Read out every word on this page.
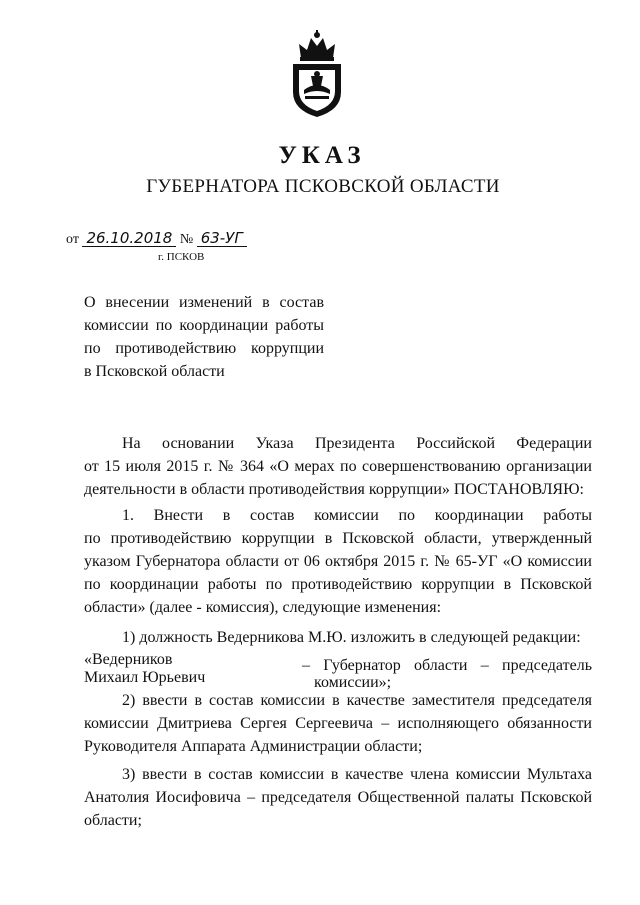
УКАЗ
ГУБЕРНАТОРА ПСКОВСКОЙ ОБЛАСТИ
от 26.10.2018 № 63-УГ
г. ПСКОВ
О внесении изменений в состав
комиссии по координации работы
по противодействию коррупции
в Псковской области
На основании Указа Президента Российской Федерации
от 15 июля 2015 г. № 364 «О мерах по совершенствованию организации
деятельности в области противодействия коррупции» ПОСТАНОВЛЯЮ:
1. Внести в состав комиссии по координации работы
по противодействию коррупции в Псковской области, утвержденный
указом Губернатора области от 06 октября 2015 г. № 65-УГ «О комиссии
по координации работы по противодействию коррупции в Псковской
области» (далее - комиссия), следующие изменения:
1) должность Ведерникова М.Ю. изложить в следующей редакции:
«Ведерников
Михаил Юрьевич
– Губернатор области – председатель
комиссии»;
2) ввести в состав комиссии в качестве заместителя председателя
комиссии Дмитриева Сергея Сергеевича – исполняющего обязанности
Руководителя Аппарата Администрации области;
3) ввести в состав комиссии в качестве члена комиссии Мультаха
Анатолия Иосифовича – председателя Общественной палаты Псковской
области;
